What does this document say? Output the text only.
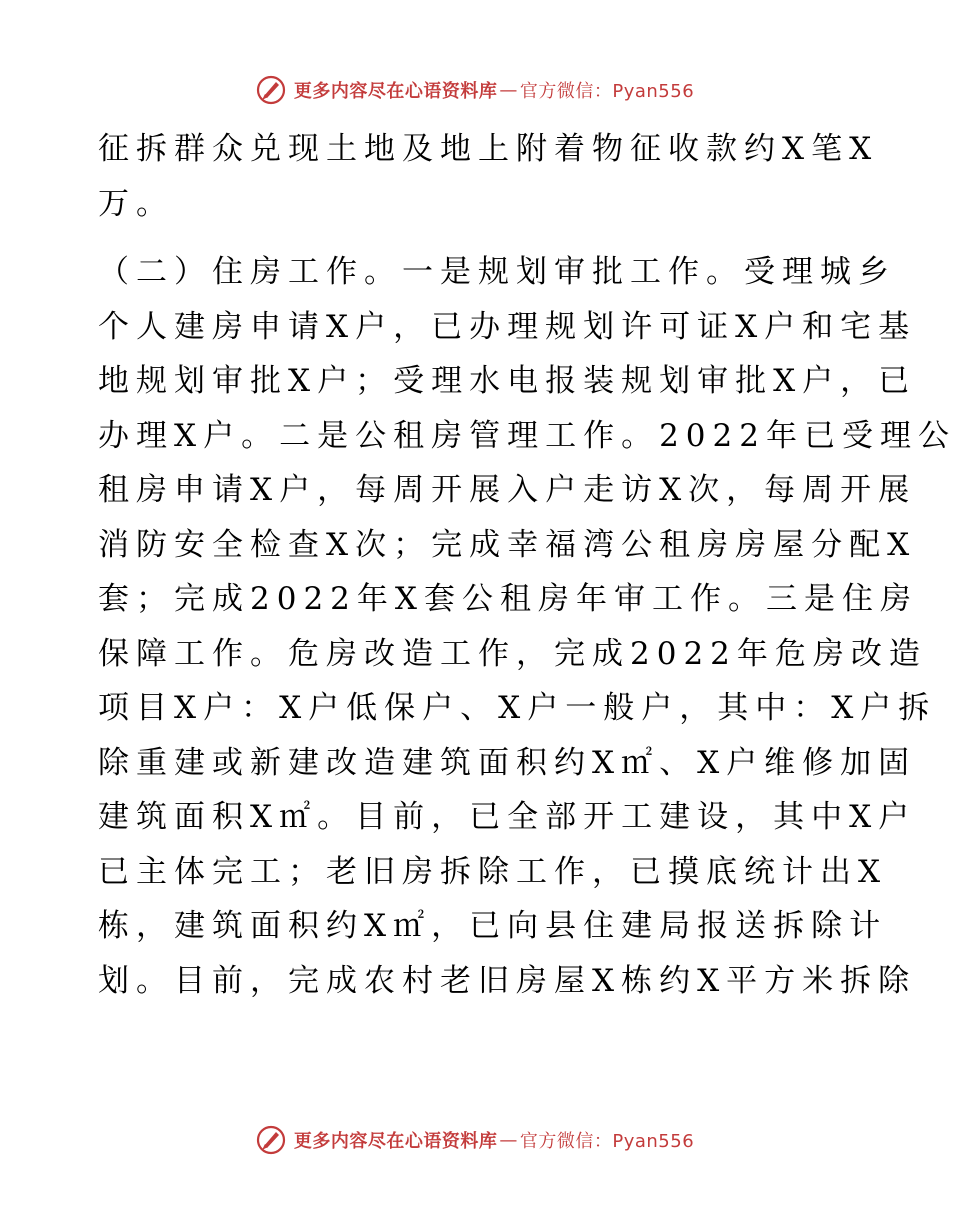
更多内容尽在心语资料库 — 官方微信：Pyan556
征拆群众兑现土地及地上附着物征收款约X笔X
万。
（二）住房工作。一是规划审批工作。受理城乡
个人建房申请X户，已办理规划许可证X户和宅基
地规划审批X户；受理水电报装规划审批X户，已
办理X户。二是公租房管理工作。2022年已受理公
租房申请X户，每周开展入户走访X次，每周开展
消防安全检查X次；完成幸福湾公租房房屋分配X
套；完成2022年X套公租房年审工作。三是住房
保障工作。危房改造工作，完成2022年危房改造
项目X户：X户低保户、X户一般户，其中：X户拆
除重建或新建改造建筑面积约X㎡、X户维修加固
建筑面积X㎡。目前，已全部开工建设，其中X户
已主体完工；老旧房拆除工作，已摸底统计出X
栋，建筑面积约X㎡，已向县住建局报送拆除计
划。目前，完成农村老旧房屋X栋约X平方米拆除
更多内容尽在心语资料库 — 官方微信：Pyan556
